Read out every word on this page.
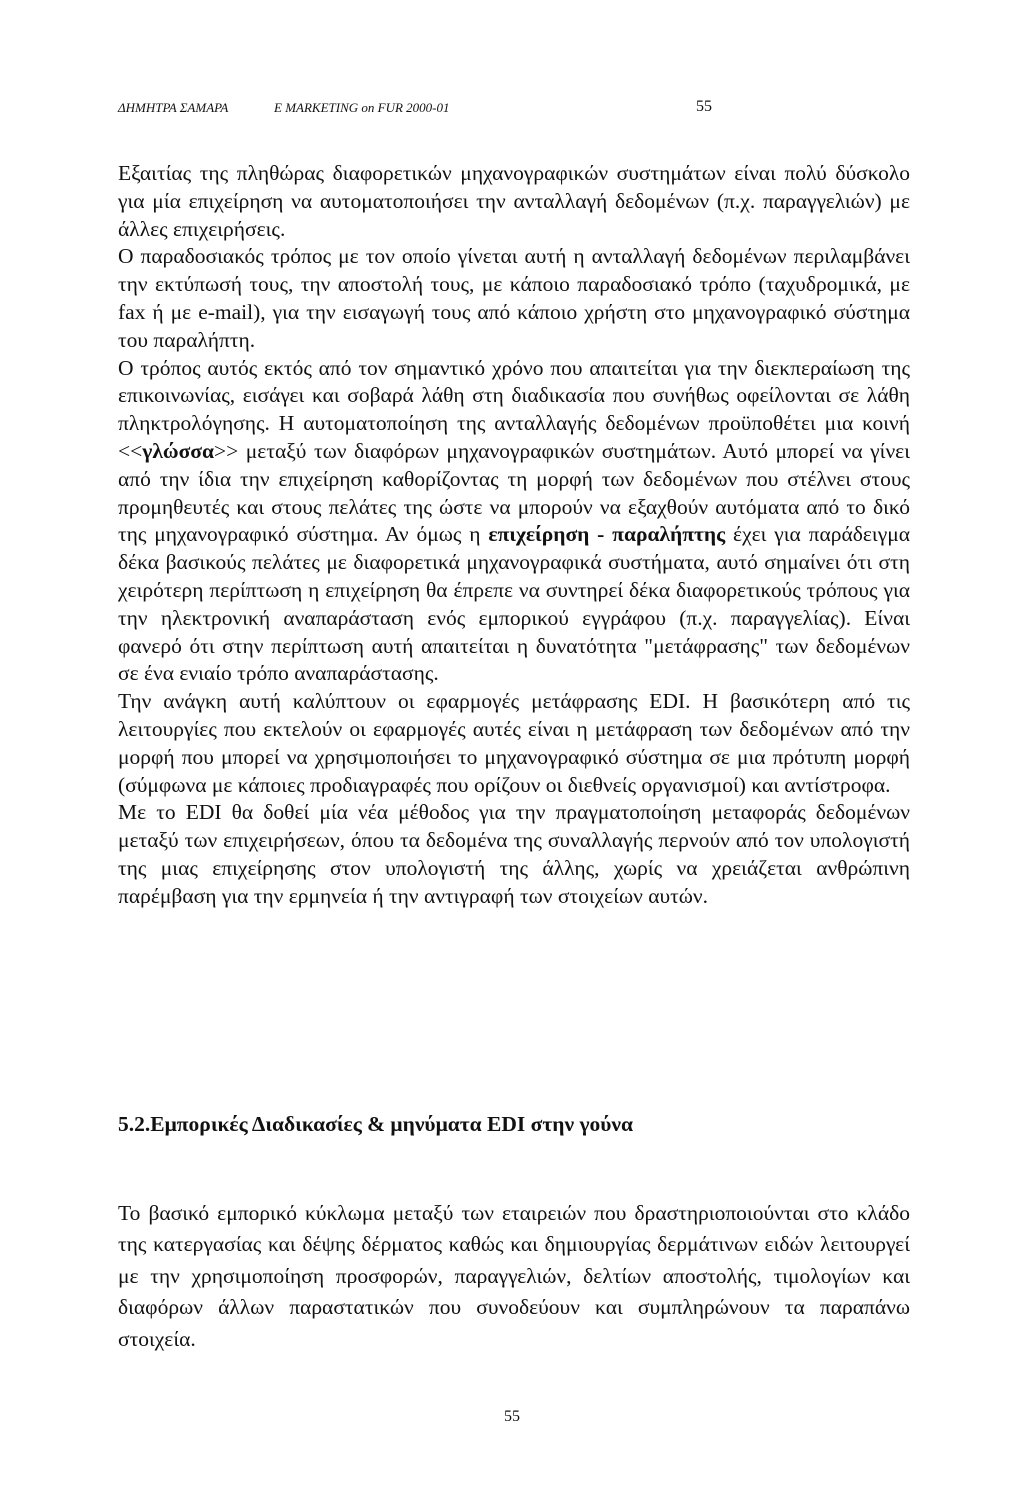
ΔΗΜΗΤΡΑ ΣΑΜΑΡΑ	E MARKETING on FUR 2000-01	55

Εξαιτίας της πληθώρας διαφορετικών μηχανογραφικών συστημάτων είναι πολύ δύσκολο για μία επιχείρηση να αυτοματοποιήσει την ανταλλαγή δεδομένων (π.χ. παραγγελιών) με άλλες επιχειρήσεις.

Ο παραδοσιακός τρόπος με τον οποίο γίνεται αυτή η ανταλλαγή δεδομένων περιλαμβάνει την εκτύπωσή τους, την αποστολή τους, με κάποιο παραδοσιακό τρόπο (ταχυδρομικά, με fax ή με e-mail), για την εισαγωγή τους από κάποιο χρήστη στο μηχανογραφικό σύστημα του παραλήπτη.

Ο τρόπος αυτός εκτός από τον σημαντικό χρόνο που απαιτείται για την διεκπεραίωση της επικοινωνίας, εισάγει και σοβαρά λάθη στη διαδικασία που συνήθως οφείλονται σε λάθη πληκτρολόγησης. Η αυτοματοποίηση της ανταλλαγής δεδομένων προϋποθέτει μια κοινή <<γλώσσα>> μεταξύ των διαφόρων μηχανογραφικών συστημάτων. Αυτό μπορεί να γίνει από την ίδια την επιχείρηση καθορίζοντας τη μορφή των δεδομένων που στέλνει στους προμηθευτές και στους πελάτες της ώστε να μπορούν να εξαχθούν αυτόματα από το δικό της μηχανογραφικό σύστημα. Αν όμως η επιχείρηση - παραλήπτης έχει για παράδειγμα δέκα βασικούς πελάτες με διαφορετικά μηχανογραφικά συστήματα, αυτό σημαίνει ότι στη χειρότερη περίπτωση η επιχείρηση θα έπρεπε να συντηρεί δέκα διαφορετικούς τρόπους για την ηλεκτρονική αναπαράσταση ενός εμπορικού εγγράφου (π.χ. παραγγελίας). Είναι φανερό ότι στην περίπτωση αυτή απαιτείται η δυνατότητα "μετάφρασης" των δεδομένων σε ένα ενιαίο τρόπο αναπαράστασης.

Την ανάγκη αυτή καλύπτουν οι εφαρμογές μετάφρασης EDI. Η βασικότερη από τις λειτουργίες που εκτελούν οι εφαρμογές αυτές είναι η μετάφραση των δεδομένων από την μορφή που μπορεί να χρησιμοποιήσει το μηχανογραφικό σύστημα σε μια πρότυπη μορφή (σύμφωνα με κάποιες προδιαγραφές που ορίζουν οι διεθνείς οργανισμοί) και αντίστροφα.

Με το EDI θα δοθεί μία νέα μέθοδος για την πραγματοποίηση μεταφοράς δεδομένων μεταξύ των επιχειρήσεων, όπου τα δεδομένα της συναλλαγής περνούν από τον υπολογιστή της μιας επιχείρησης στον υπολογιστή της άλλης, χωρίς να χρειάζεται ανθρώπινη παρέμβαση για την ερμηνεία ή την αντιγραφή των στοιχείων αυτών.

5.2.Εμπορικές Διαδικασίες & μηνύματα EDI στην γούνα

Το βασικό εμπορικό κύκλωμα μεταξύ των εταιρειών που δραστηριοποιούνται στο κλάδο της κατεργασίας και δέψης δέρματος καθώς και δημιουργίας δερμάτινων ειδών λειτουργεί με την χρησιμοποίηση προσφορών, παραγγελιών, δελτίων αποστολής, τιμολογίων και διαφόρων άλλων παραστατικών που συνοδεύουν και συμπληρώνουν τα παραπάνω στοιχεία.

55
